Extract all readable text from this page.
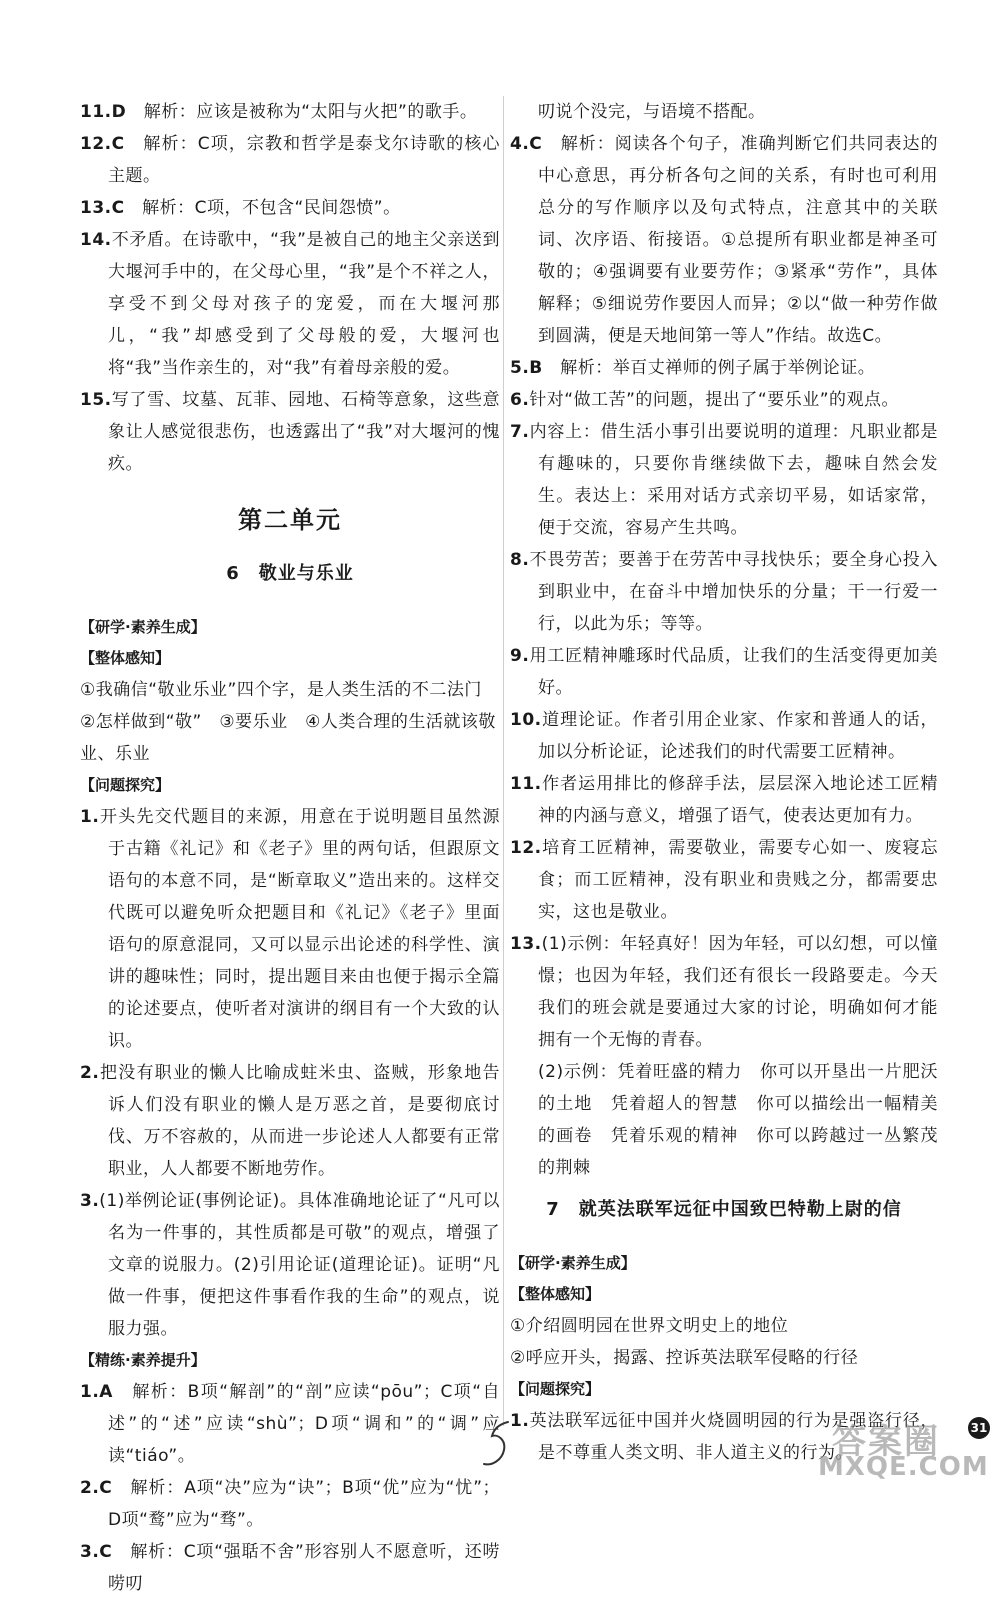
11.D　 解析：应该是被称为“太阳与火把”的歌手。

12.C　 解析：C项，宗教和哲学是泰戈尔诗歌的核心主题。

13.C　 解析：C项，不包含“民间怨愤”。

14.不矛盾。在诗歌中，“我”是被自己的地主父亲送到大堰河手中的，在父母心里，“我”是个不祥之人，享受不到父母对孩子的宠爱，而在大堰河那儿，“我”却感受到了父母般的爱，大堰河也将“我”当作亲生的，对“我”有着母亲般的爱。

15.写了雪、坟墓、瓦菲、园地、石椅等意象，这些意象让人感觉很悲伤，也透露出了“我”对大堰河的愧疚。

第二单元
6　敬业与乐业

【研学·素养生成】

【整体感知】

①我确信“敬业乐业”四个字，是人类生活的不二法门

②怎样做到“敬”　③要乐业　④人类合理的生活就该敬

业、乐业

【问题探究】

1.开头先交代题目的来源，用意在于说明题目虽然源于古籍《礼记》和《老子》里的两句话，但跟原文语句的本意不同，是“断章取义”造出来的。这样交代既可以避免听众把题目和《礼记》《老子》里面语句的原意混同，又可以显示出论述的科学性、演讲的趣味性；同时，提出题目来由也便于揭示全篇的论述要点，使听者对演讲的纲目有一个大致的认识。

2.把没有职业的懒人比喻成蛀米虫、盗贼，形象地告诉人们没有职业的懒人是万恶之首，是要彻底讨伐、万不容赦的，从而进一步论述人人都要有正常职业，人人都要不断地劳作。

3.(1)举例论证(事例论证)。具体准确地论证了“凡可以名为一件事的，其性质都是可敬”的观点，增强了文章的说服力。(2)引用论证(道理论证)。证明“凡做一件事，便把这件事看作我的生命”的观点，说服力强。

【精练·素养提升】

1.A　 解析：B项“解剖”的“剖”应读“pōu”；C项“自述”的“述”应读“shù”；D项“调和”的“调”应读“tiáo”。

2.C　 解析：A项“决”应为“诀”；B项“优”应为“忧”；D项“鹜”应为“骛”。

3.C　 解析：C项“强聒不舍”形容别人不愿意听，还唠唠叨

叨说个没完，与语境不搭配。

4.C　 解析：阅读各个句子，准确判断它们共同表达的中心意思，再分析各句之间的关系，有时也可利用总分的写作顺序以及句式特点，注意其中的关联词、次序语、衔接语。①总提所有职业都是神圣可敬的；④强调要有业要劳作；③紧承“劳作”，具体解释；⑤细说劳作要因人而异；②以“做一种劳作做到圆满，便是天地间第一等人”作结。故选C。

5.B　 解析：举百丈禅师的例子属于举例论证。

6.针对“做工苦”的问题，提出了“要乐业”的观点。

7.内容上：借生活小事引出要说明的道理：凡职业都是有趣味的，只要你肯继续做下去，趣味自然会发生。表达上：采用对话方式亲切平易，如话家常，便于交流，容易产生共鸣。

8.不畏劳苦；要善于在劳苦中寻找快乐；要全身心投入到职业中，在奋斗中增加快乐的分量；干一行爱一行，以此为乐；等等。

9.用工匠精神雕琢时代品质，让我们的生活变得更加美好。

10.道理论证。作者引用企业家、作家和普通人的话，加以分析论证，论述我们的时代需要工匠精神。

11.作者运用排比的修辞手法，层层深入地论述工匠精神的内涵与意义，增强了语气，使表达更加有力。

12.培育工匠精神，需要敬业，需要专心如一、废寝忘食；而工匠精神，没有职业和贵贱之分，都需要忠实，这也是敬业。

13.(1)示例：年轻真好！因为年轻，可以幻想，可以憧憬；也因为年轻，我们还有很长一段路要走。今天我们的班会就是要通过大家的讨论，明确如何才能拥有一个无悔的青春。

(2)示例：凭着旺盛的精力　你可以开垦出一片肥沃的土地　凭着超人的智慧　你可以描绘出一幅精美的画卷　凭着乐观的精神　你可以跨越过一丛繁茂的荆棘

7　就英法联军远征中国致巴特勒上尉的信

【研学·素养生成】

【整体感知】

①介绍圆明园在世界文明史上的地位

②呼应开头，揭露、控诉英法联军侵略的行径

【问题探究】

1.英法联军远征中国并火烧圆明园的行为是强盗行径，是不尊重人类文明、非人道主义的行为。

答案圈
MXQE.COM
31
